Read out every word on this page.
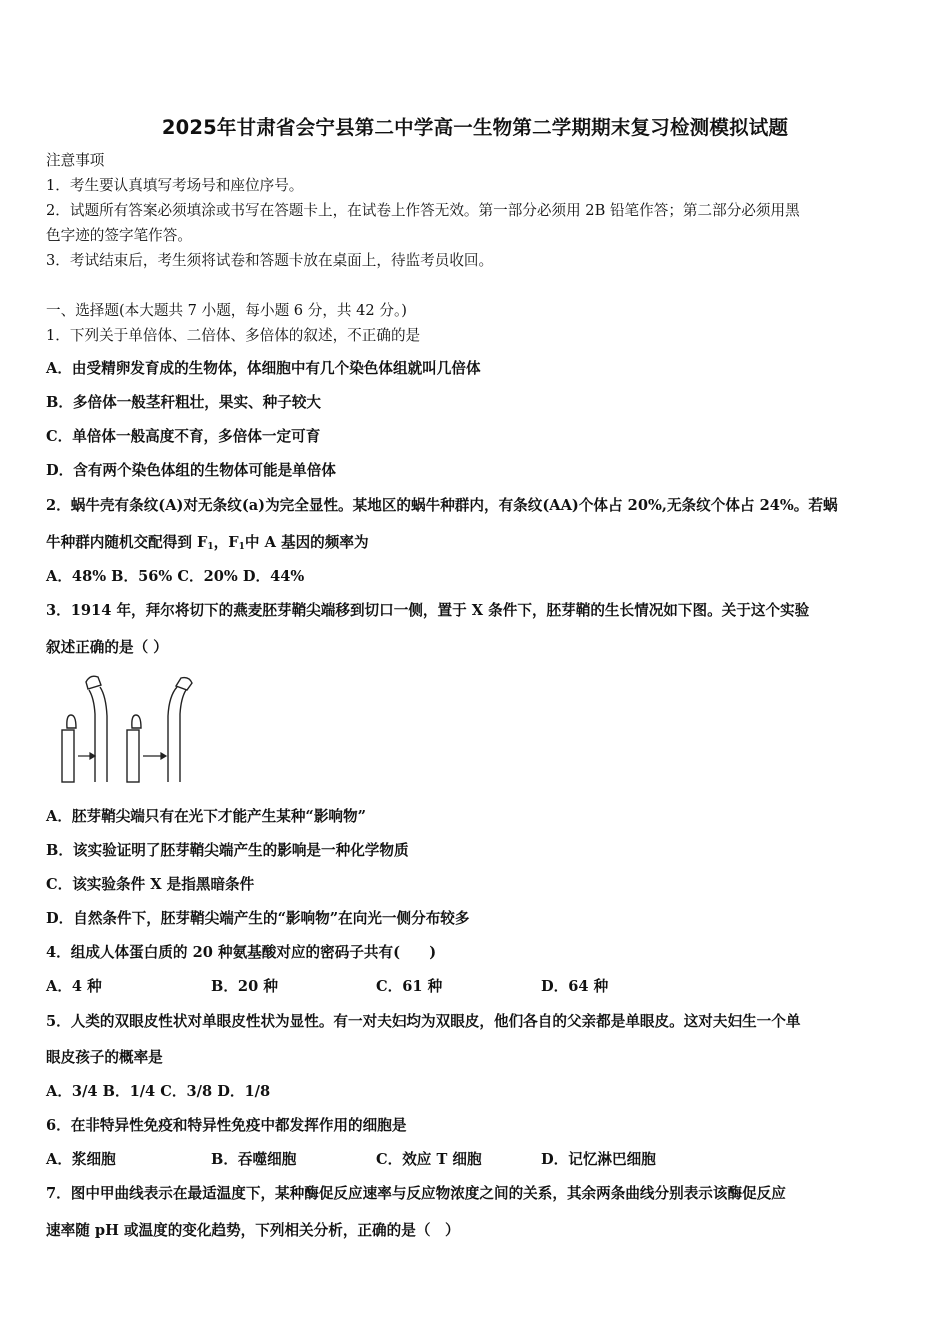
2025年甘肃省会宁县第二中学高一生物第二学期期末复习检测模拟试题
注意事项
1．考生要认真填写考场号和座位序号。
2．试题所有答案必须填涂或书写在答题卡上，在试卷上作答无效。第一部分必须用 2B 铅笔作答；第二部分必须用黑
色字迹的签字笔作答。
3．考试结束后，考生须将试卷和答题卡放在桌面上，待监考员收回。
一、选择题(本大题共 7 小题，每小题 6 分，共 42 分。)
1．下列关于单倍体、二倍体、多倍体的叙述，不正确的是
A．由受精卵发育成的生物体，体细胞中有几个染色体组就叫几倍体
B．多倍体一般茎秆粗壮，果实、种子较大
C．单倍体一般高度不育，多倍体一定可育
D．含有两个染色体组的生物体可能是单倍体
2．蜗牛壳有条纹(A)对无条纹(a)为完全显性。某地区的蜗牛种群内，有条纹(AA)个体占 20%,无条纹个体占 24%。若蜗
牛种群内随机交配得到 $F_1$，$F_1$中 A 基因的频率为
A．48% B．56% C．20% D．44%
3．1914 年，拜尔将切下的燕麦胚芽鞘尖端移到切口一侧，置于 X 条件下，胚芽鞘的生长情况如下图。关于这个实验
叙述正确的是（ ）
A．胚芽鞘尖端只有在光下才能产生某种“影响物”
B．该实验证明了胚芽鞘尖端产生的影响是一种化学物质
C．该实验条件 X 是指黑暗条件
D．自然条件下，胚芽鞘尖端产生的“影响物”在向光一侧分布较多
4．组成人体蛋白质的 20 种氨基酸对应的密码子共有(　　)
A．4 种	B．20 种	C．61 种	D．64 种
5．人类的双眼皮性状对单眼皮性状为显性。有一对夫妇均为双眼皮，他们各自的父亲都是单眼皮。这对夫妇生一个单
眼皮孩子的概率是
A．3/4 B．1/4 C．3/8 D．1/8
6．在非特异性免疫和特异性免疫中都发挥作用的细胞是
A．浆细胞	B．吞噬细胞	C．效应 T 细胞	D．记忆淋巴细胞
7．图中甲曲线表示在最适温度下，某种酶促反应速率与反应物浓度之间的关系，其余两条曲线分别表示该酶促反应
速率随 pH 或温度的变化趋势，下列相关分析，正确的是（　）
